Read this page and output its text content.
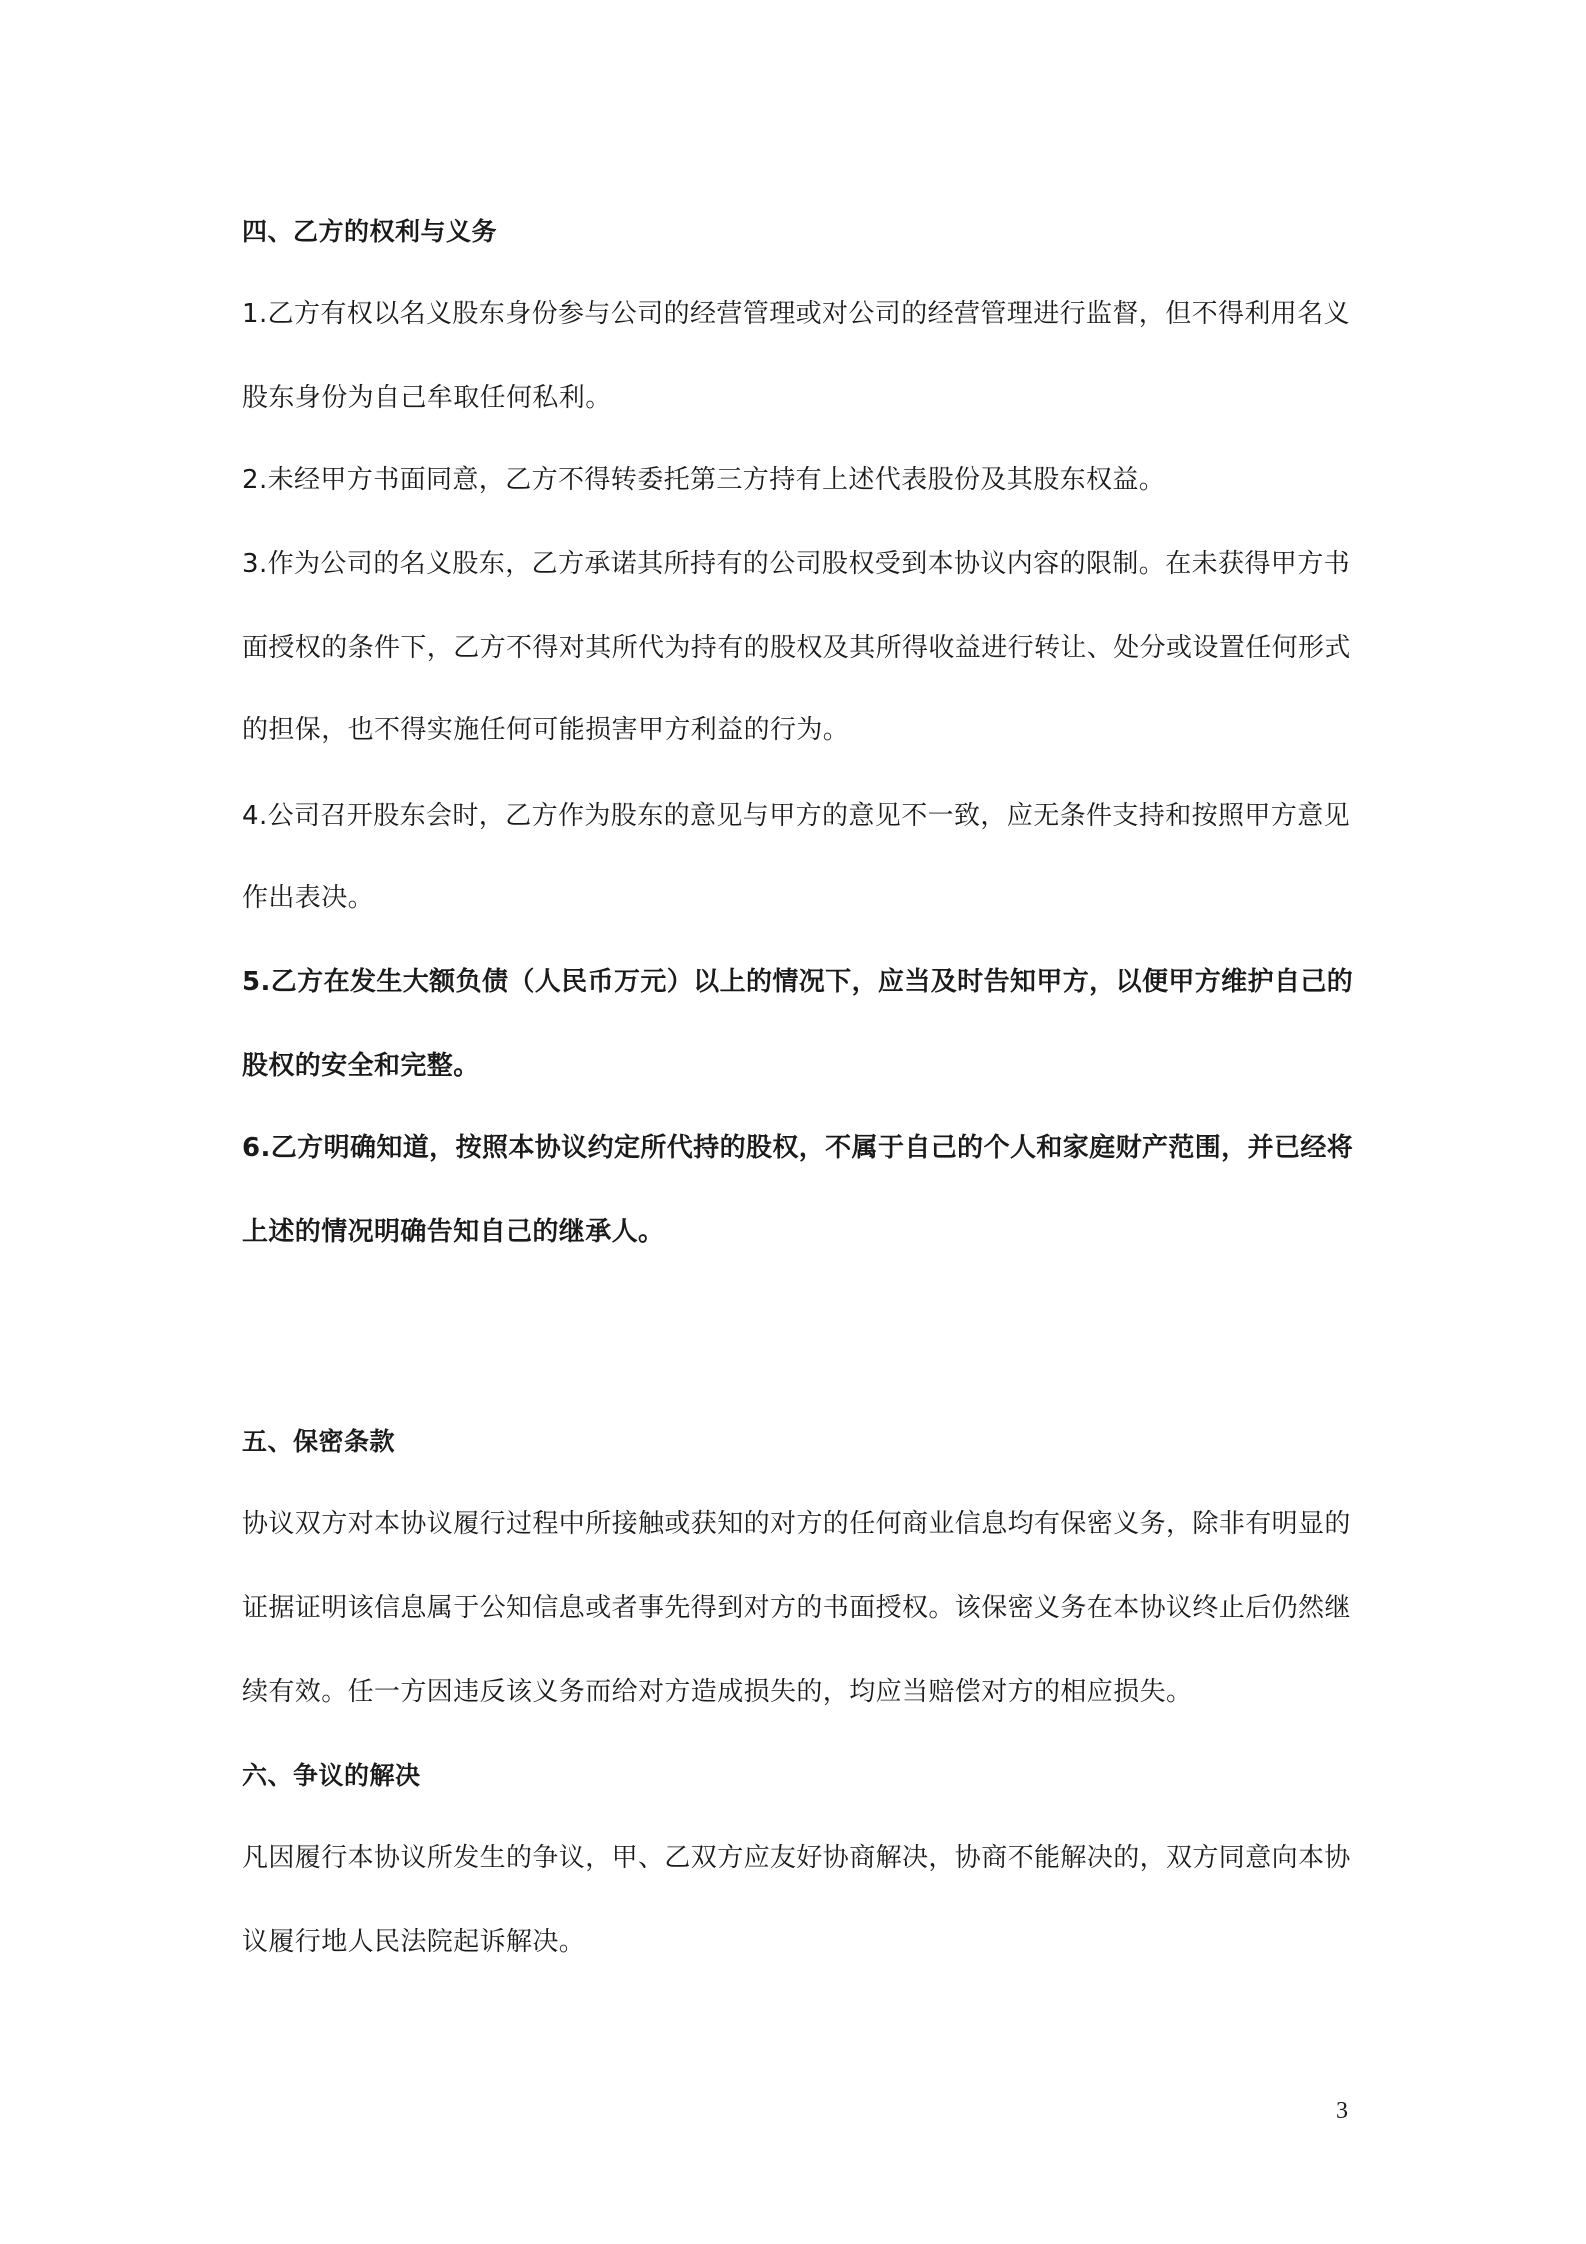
四、乙方的权利与义务
1.乙方有权以名义股东身份参与公司的经营管理或对公司的经营管理进行监督，但不得利用名义
股东身份为自己牟取任何私利。
2.未经甲方书面同意，乙方不得转委托第三方持有上述代表股份及其股东权益。
3.作为公司的名义股东，乙方承诺其所持有的公司股权受到本协议内容的限制。在未获得甲方书
面授权的条件下，乙方不得对其所代为持有的股权及其所得收益进行转让、处分或设置任何形式
的担保，也不得实施任何可能损害甲方利益的行为。
4.公司召开股东会时，乙方作为股东的意见与甲方的意见不一致，应无条件支持和按照甲方意见
作出表决。
5.乙方在发生大额负债（人民币万元）以上的情况下，应当及时告知甲方，以便甲方维护自己的
股权的安全和完整。
6.乙方明确知道，按照本协议约定所代持的股权，不属于自己的个人和家庭财产范围，并已经将
上述的情况明确告知自己的继承人。
五、保密条款
协议双方对本协议履行过程中所接触或获知的对方的任何商业信息均有保密义务，除非有明显的
证据证明该信息属于公知信息或者事先得到对方的书面授权。该保密义务在本协议终止后仍然继
续有效。任一方因违反该义务而给对方造成损失的，均应当赔偿对方的相应损失。
六、争议的解决
凡因履行本协议所发生的争议，甲、乙双方应友好协商解决，协商不能解决的，双方同意向本协
议履行地人民法院起诉解决。
3
